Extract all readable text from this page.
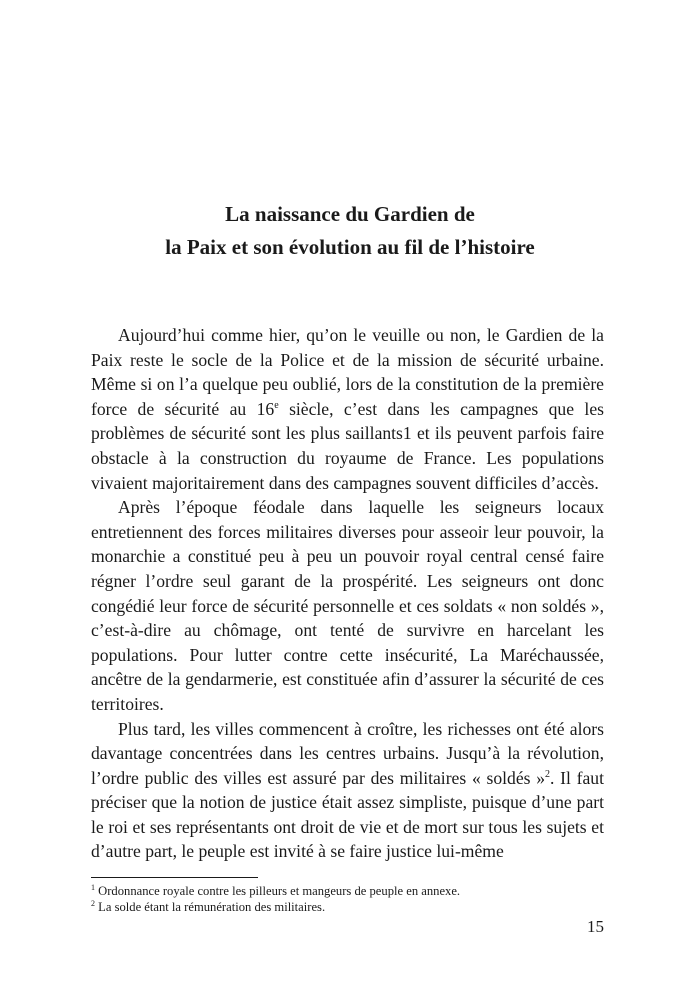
La naissance du Gardien de
la Paix et son évolution au fil de l’histoire

Aujourd’hui comme hier, qu’on le veuille ou non, le Gardien de la Paix reste le socle de la Police et de la mission de sécurité urbaine. Même si on l’a quelque peu oublié, lors de la constitution de la première force de sécurité au 16e siècle, c’est dans les campagnes que les problèmes de sécurité sont les plus saillants1 et ils peuvent parfois faire obstacle à la construction du royaume de France. Les populations vivaient majoritairement dans des campagnes souvent difficiles d’accès.

Après l’époque féodale dans laquelle les seigneurs locaux entretiennent des forces militaires diverses pour asseoir leur pouvoir, la monarchie a constitué peu à peu un pouvoir royal central censé faire régner l’ordre seul garant de la prospérité. Les seigneurs ont donc congédié leur force de sécurité personnelle et ces soldats « non soldés », c’est-à-dire au chômage, ont tenté de survivre en harcelant les populations. Pour lutter contre cette insécurité, La Maréchaussée, ancêtre de la gendarmerie, est constituée afin d’assurer la sécurité de ces territoires.

Plus tard, les villes commencent à croître, les richesses ont été alors davantage concentrées dans les centres urbains. Jusqu’à la révolution, l’ordre public des villes est assuré par des militaires « soldés »$^2$. Il faut préciser que la notion de justice était assez simpliste, puisque d’une part le roi et ses représentants ont droit de vie et de mort sur tous les sujets et d’autre part, le peuple est invité à se faire justice lui-même

$^1$ Ordonnance royale contre les pilleurs et mangeurs de peuple en annexe.
$^2$ La solde étant la rémunération des militaires.
15
